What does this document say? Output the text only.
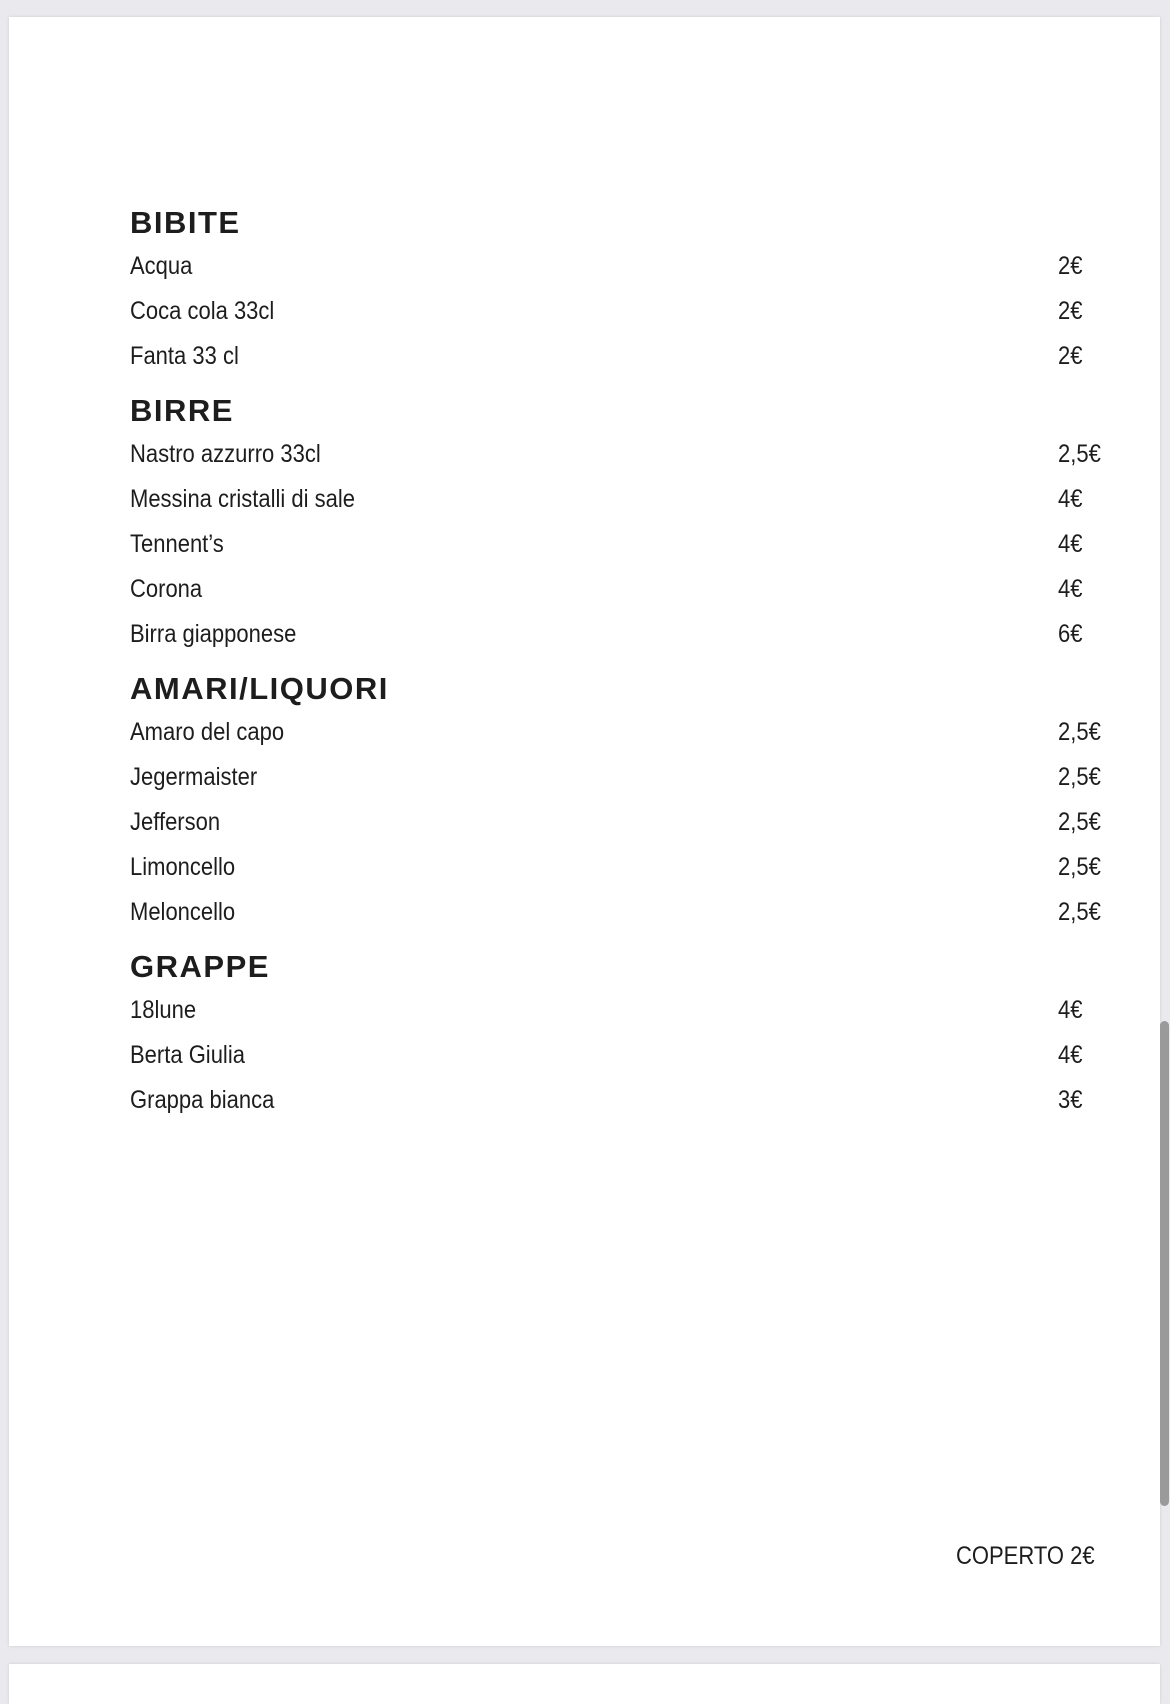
BIBITE
Acqua	2€
Coca cola 33cl	2€
Fanta 33 cl	2€
BIRRE
Nastro azzurro 33cl	2,5€
Messina cristalli di sale	4€
Tennent’s	4€
Corona	4€
Birra giapponese	6€
AMARI/LIQUORI
Amaro del capo	2,5€
Jegermaister	2,5€
Jefferson	2,5€
Limoncello	2,5€
Meloncello	2,5€
GRAPPE
18lune	4€
Berta Giulia	4€
Grappa bianca	3€
COPERTO 2€
